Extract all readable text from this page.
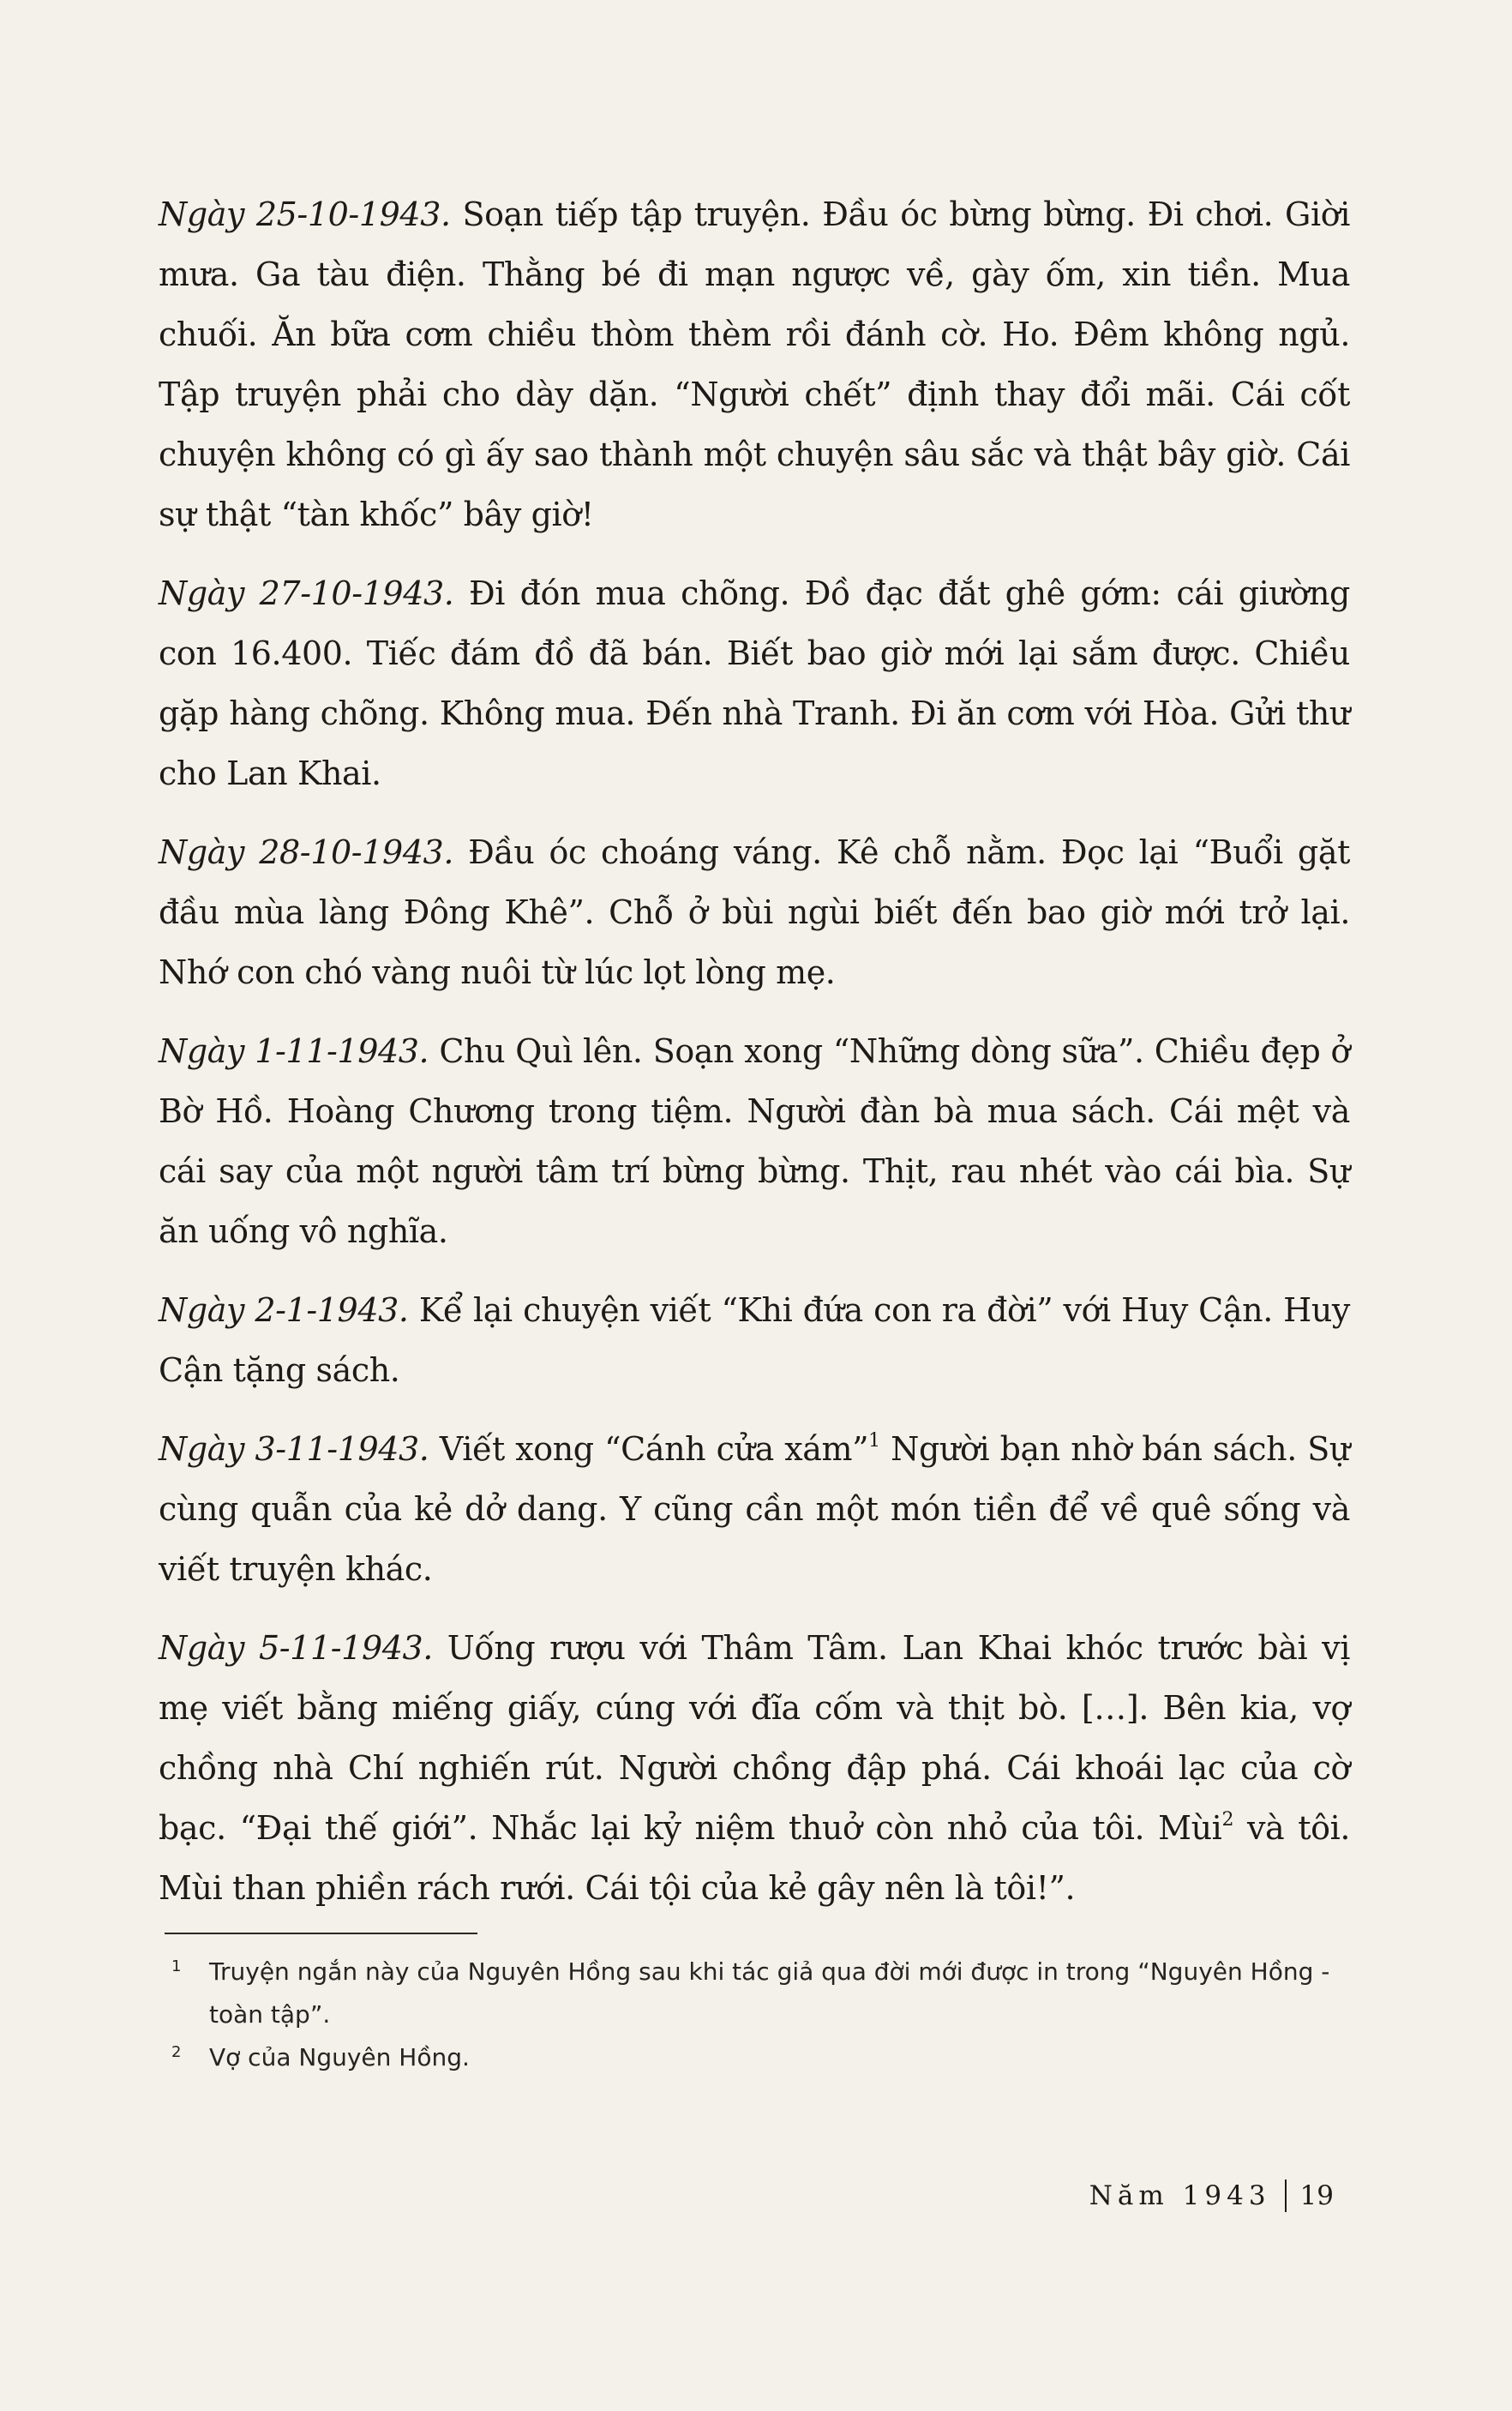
Ngày 25-10-1943. Soạn tiếp tập truyện. Đầu óc bừng bừng. Đi chơi. Giời mưa. Ga tàu điện. Thằng bé đi mạn ngược về, gày ốm, xin tiền. Mua chuối. Ăn bữa cơm chiều thòm thèm rồi đánh cờ. Ho. Đêm không ngủ. Tập truyện phải cho dày dặn. “Người chết” định thay đổi mãi. Cái cốt chuyện không có gì ấy sao thành một chuyện sâu sắc và thật bây giờ. Cái sự thật “tàn khốc” bây giờ!

Ngày 27-10-1943. Đi đón mua chõng. Đồ đạc đắt ghê gớm: cái giường con 16.400. Tiếc đám đồ đã bán. Biết bao giờ mới lại sắm được. Chiều gặp hàng chõng. Không mua. Đến nhà Tranh. Đi ăn cơm với Hòa. Gửi thư cho Lan Khai.

Ngày 28-10-1943. Đầu óc choáng váng. Kê chỗ nằm. Đọc lại “Buổi gặt đầu mùa làng Đông Khê”. Chỗ ở bùi ngùi biết đến bao giờ mới trở lại. Nhớ con chó vàng nuôi từ lúc lọt lòng mẹ.

Ngày 1-11-1943. Chu Quì lên. Soạn xong “Những dòng sữa”. Chiều đẹp ở Bờ Hồ. Hoàng Chương trong tiệm. Người đàn bà mua sách. Cái mệt và cái say của một người tâm trí bừng bừng. Thịt, rau nhét vào cái bìa. Sự ăn uống vô nghĩa.

Ngày 2-1-1943. Kể lại chuyện viết “Khi đứa con ra đời” với Huy Cận. Huy Cận tặng sách.

Ngày 3-11-1943. Viết xong “Cánh cửa xám”$^1$ Người bạn nhờ bán sách. Sự cùng quẫn của kẻ dở dang. Y cũng cần một món tiền để về quê sống và viết truyện khác.

Ngày 5-11-1943. Uống rượu với Thâm Tâm. Lan Khai khóc trước bài vị mẹ viết bằng miếng giấy, cúng với đĩa cốm và thịt bò. […]. Bên kia, vợ chồng nhà Chí nghiến rút. Người chồng đập phá. Cái khoái lạc của cờ bạc. “Đại thế giới”. Nhắc lại kỷ niệm thuở còn nhỏ của tôi. Mùi$^2$ và tôi. Mùi than phiền rách rưới. Cái tội của kẻ gây nên là tôi!”.

1 Truyện ngắn này của Nguyên Hồng sau khi tác giả qua đời mới được in trong “Nguyên Hồng - toàn tập”.
2 Vợ của Nguyên Hồng.
Năm 1943 19
